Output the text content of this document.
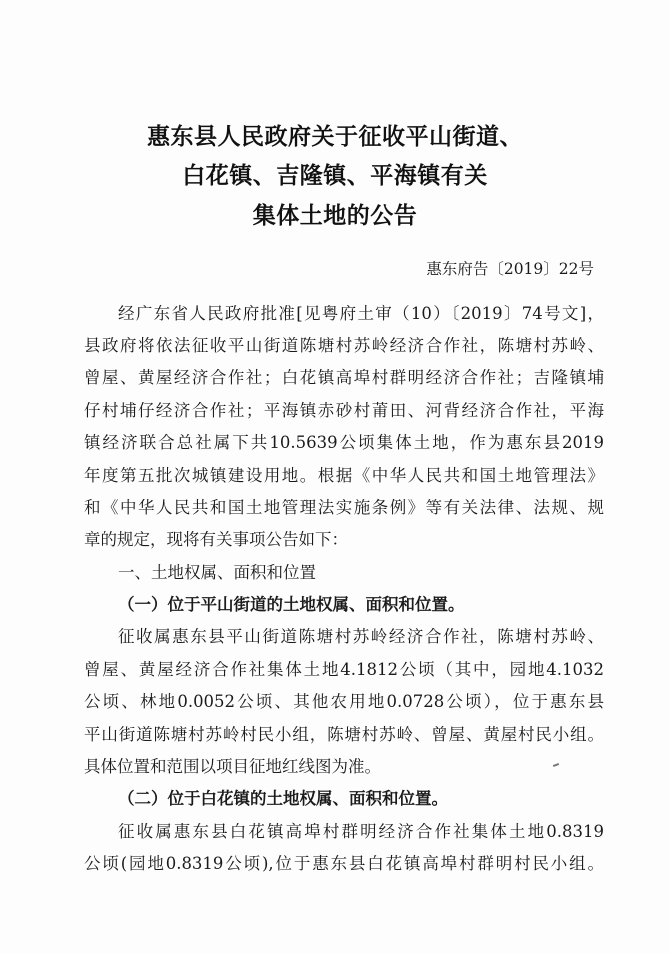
惠东县人民政府关于征收平山街道、
白花镇、吉隆镇、平海镇有关
集体土地的公告
惠东府告〔2019〕22号
经广东省人民政府批准[见粤府土审（10）〔2019〕74号文]，
县政府将依法征收平山街道陈塘村苏岭经济合作社，陈塘村苏岭、
曾屋、黄屋经济合作社；白花镇高埠村群明经济合作社；吉隆镇埔
仔村埔仔经济合作社；平海镇赤砂村莆田、河背经济合作社，平海
镇经济联合总社属下共10.5639公顷集体土地，作为惠东县2019
年度第五批次城镇建设用地。根据《中华人民共和国土地管理法》
和《中华人民共和国土地管理法实施条例》等有关法律、法规、规
章的规定，现将有关事项公告如下：
一、土地权属、面积和位置
（一）位于平山街道的土地权属、面积和位置。
征收属惠东县平山街道陈塘村苏岭经济合作社，陈塘村苏岭、
曾屋、黄屋经济合作社集体土地4.1812公顷（其中，园地4.1032
公顷、林地0.0052公顷、其他农用地0.0728公顷），位于惠东县
平山街道陈塘村苏岭村民小组，陈塘村苏岭、曾屋、黄屋村民小组。
具体位置和范围以项目征地红线图为准。
（二）位于白花镇的土地权属、面积和位置。
征收属惠东县白花镇高埠村群明经济合作社集体土地0.8319
公顷(园地0.8319公顷),位于惠东县白花镇高埠村群明村民小组。
